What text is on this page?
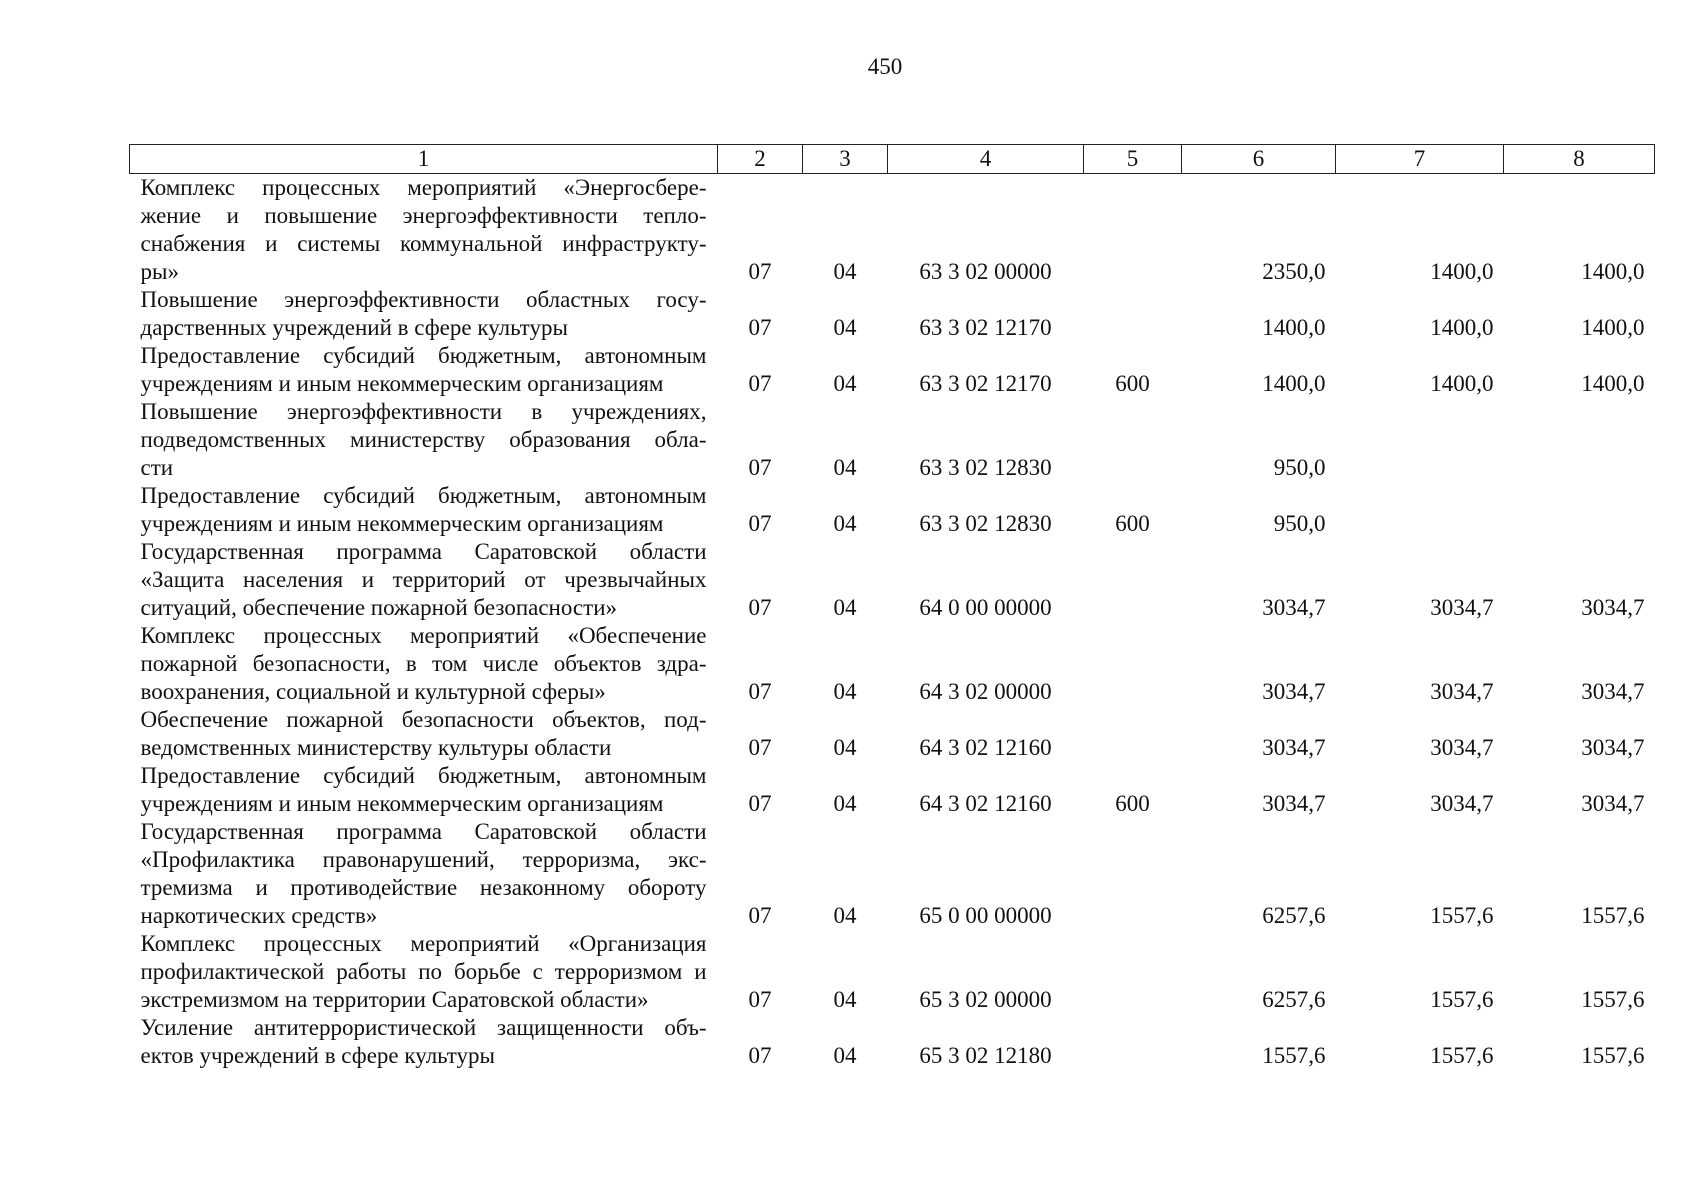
450
1	2	3	4	5	6	7	8

Комплекс процессных мероприятий «Энергосбере-
жение и повышение энергоэффективности тепло-
снабжения и системы коммунальной инфраструкту-
ры»	07	04	63 3 02 00000		2350,0	1400,0	1400,0

Повышение энергоэффективности областных госу-
дарственных учреждений в сфере культуры	07	04	63 3 02 12170		1400,0	1400,0	1400,0

Предоставление субсидий бюджетным, автономным
учреждениям и иным некоммерческим организациям	07	04	63 3 02 12170	600	1400,0	1400,0	1400,0

Повышение энергоэффективности в учреждениях,
подведомственных министерству образования обла-
сти	07	04	63 3 02 12830		950,0		

Предоставление субсидий бюджетным, автономным
учреждениям и иным некоммерческим организациям	07	04	63 3 02 12830	600	950,0		

Государственная программа Саратовской области
«Защита населения и территорий от чрезвычайных
ситуаций, обеспечение пожарной безопасности»	07	04	64 0 00 00000		3034,7	3034,7	3034,7

Комплекс процессных мероприятий «Обеспечение
пожарной безопасности, в том числе объектов здра-
воохранения, социальной и культурной сферы»	07	04	64 3 02 00000		3034,7	3034,7	3034,7

Обеспечение пожарной безопасности объектов, под-
ведомственных министерству культуры области	07	04	64 3 02 12160		3034,7	3034,7	3034,7

Предоставление субсидий бюджетным, автономным
учреждениям и иным некоммерческим организациям	07	04	64 3 02 12160	600	3034,7	3034,7	3034,7

Государственная программа Саратовской области
«Профилактика правонарушений, терроризма, экс-
тремизма и противодействие незаконному обороту
наркотических средств»	07	04	65 0 00 00000		6257,6	1557,6	1557,6

Комплекс процессных мероприятий «Организация
профилактической работы по борьбе с терроризмом и
экстремизмом на территории Саратовской области»	07	04	65 3 02 00000		6257,6	1557,6	1557,6

Усиление антитеррористической защищенности объ-
ектов учреждений в сфере культуры	07	04	65 3 02 12180		1557,6	1557,6	1557,6
